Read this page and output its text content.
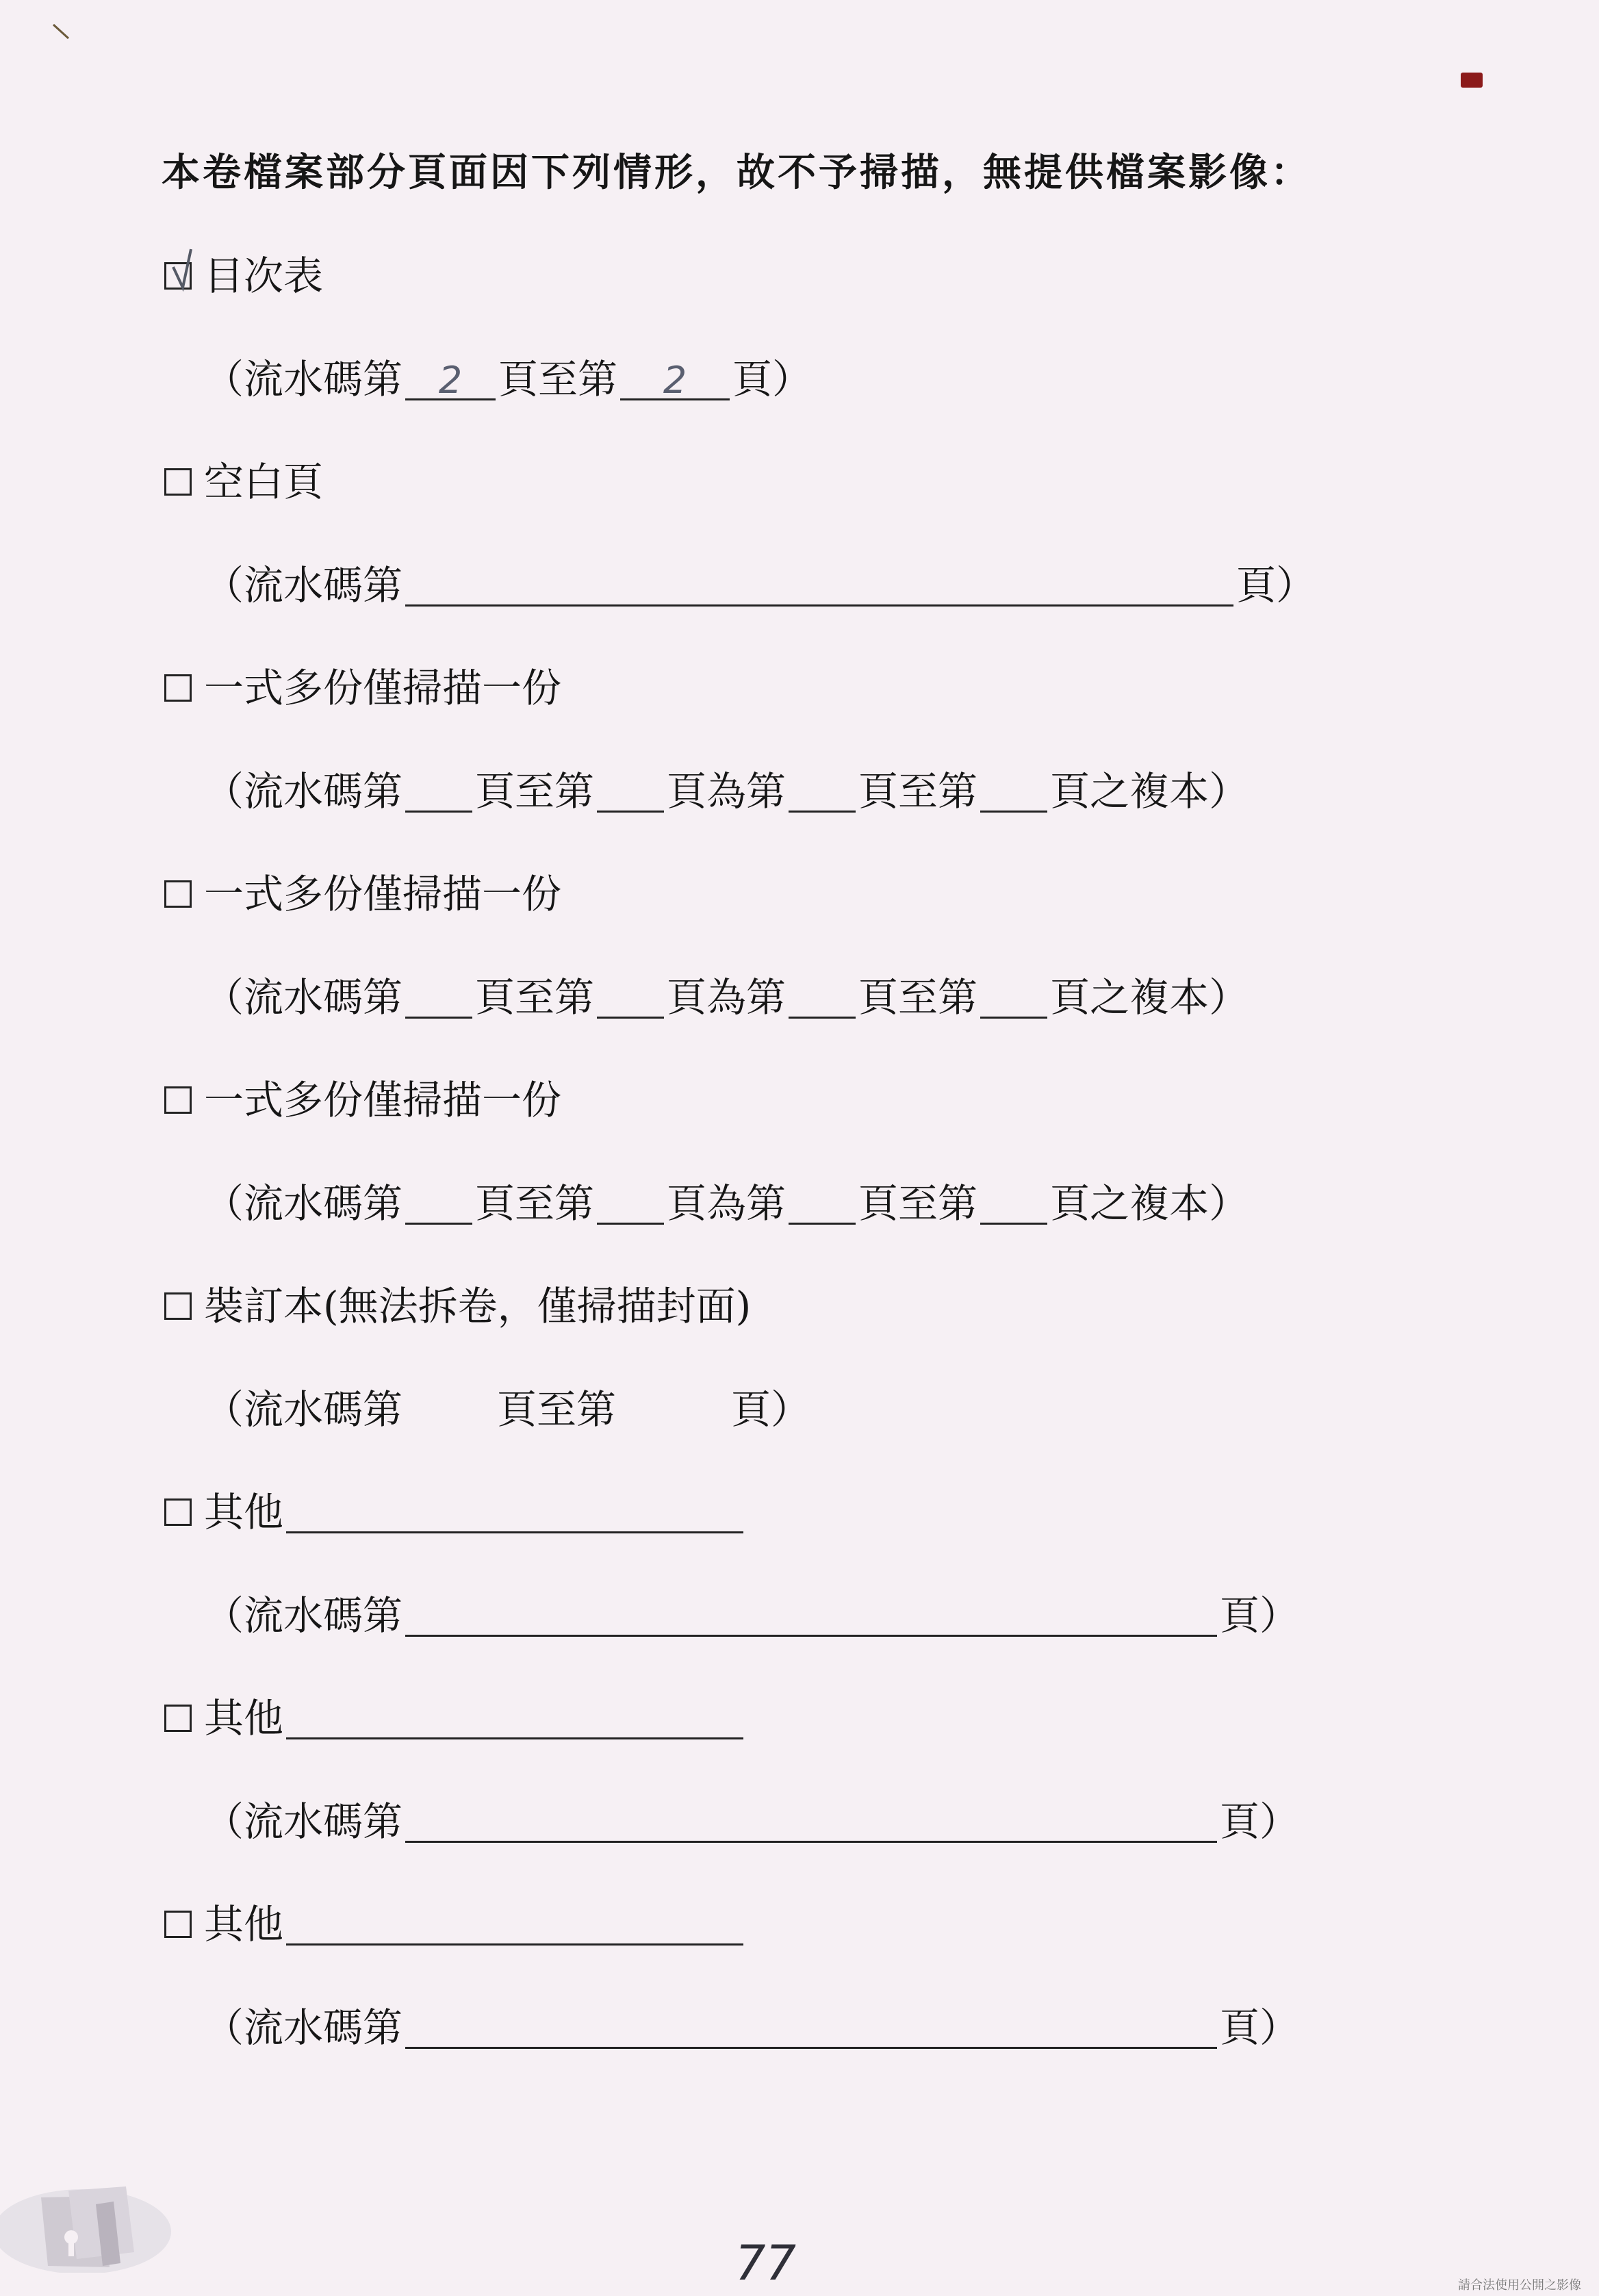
本卷檔案部分頁面因下列情形，故不予掃描，無提供檔案影像：
目次表
（流水碼第 2 頁至第	2	頁）
空白頁
（流水碼第	頁）
一式多份僅掃描一份
（流水碼第 頁至第 頁為第 頁至第 頁之複本）
一式多份僅掃描一份
（流水碼第 頁至第 頁為第 頁至第 頁之複本）
一式多份僅掃描一份
（流水碼第 頁至第 頁為第 頁至第 頁之複本）
裝訂本(無法拆卷，僅掃描封面)
（流水碼第 頁至第	頁）
其他
（流水碼第	頁）
其他
（流水碼第	頁）
其他
（流水碼第	頁）
77	請合法使用公開之影像
